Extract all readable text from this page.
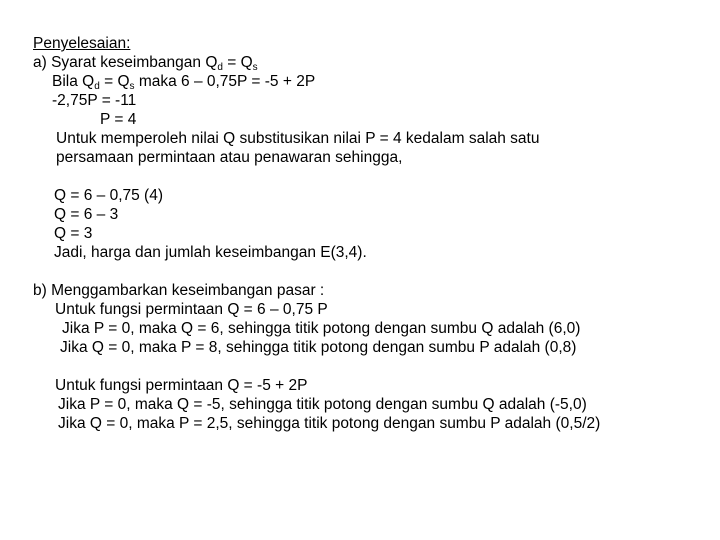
Penyelesaian:
a) Syarat keseimbangan $Q_d = Q_s$
Bila $Q_d = Q_s$ maka 6 – 0,75P = -5 + 2P
-2,75P = -11
P = 4
Untuk memperoleh nilai Q substitusikan nilai P = 4 kedalam salah satu
persamaan permintaan atau penawaran sehingga,
Q = 6 – 0,75 (4)
Q = 6 – 3
Q = 3
Jadi, harga dan jumlah keseimbangan E(3,4).
b) Menggambarkan keseimbangan pasar :
Untuk fungsi permintaan Q = 6 – 0,75 P
Jika P = 0, maka Q = 6, sehingga titik potong dengan sumbu Q adalah (6,0)
Jika Q = 0, maka P = 8, sehingga titik potong dengan sumbu P adalah (0,8)
Untuk fungsi permintaan Q = -5 + 2P
Jika P = 0, maka Q = -5, sehingga titik potong dengan sumbu Q adalah (-5,0)
Jika Q = 0, maka P = 2,5, sehingga titik potong dengan sumbu P adalah (0,5/2)
